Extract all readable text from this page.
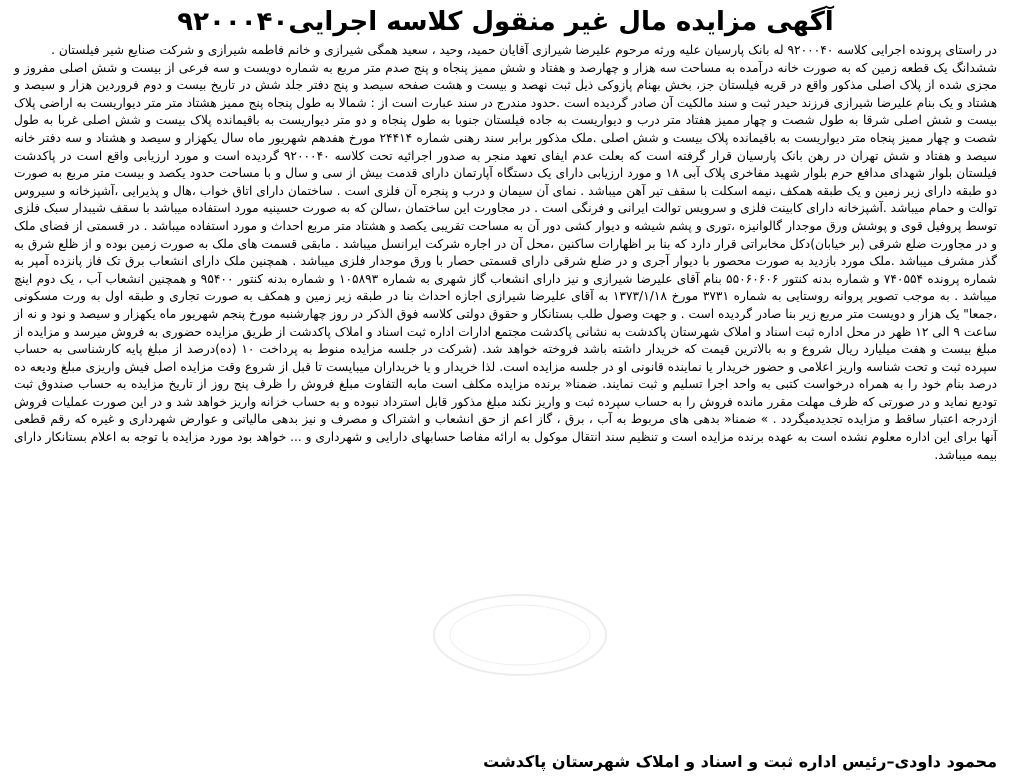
آگهی مزایده مال غیر منقول کلاسه اجرایی۹۲۰۰۰۴۰

در راستای پرونده اجرایی کلاسه ۹۲۰۰۰۴۰ له بانک پارسیان علیه ورثه مرحوم علیرضا شیرازی آقایان حمید، وحید ، سعید همگی شیرازی و خانم فاطمه شیرازی و شرکت صنایع شیر فیلستان .

ششدانگ یک قطعه زمین که به صورت خانه درآمده به مساحت سه هزار و چهارصد و هفتاد و شش ممیز پنجاه و پنج صدم متر مربع به شماره دویست و سه فرعی از بیست و شش اصلی مفروز و مجزی شده از پلاک اصلی مذکور واقع در قریه فیلستان جز، بخش بهنام پازوکی ذیل ثبت نهصد و بیست و هشت صفحه سیصد و پنج دفتر جلد شش در تاریخ بیست و دوم فروردین هزار و سیصد و هشتاد و یک بنام علیرضا شیرازی فرزند حیدر ثبت و سند مالکیت آن صادر گردیده است .حدود مندرج در سند عبارت است از : شمالا به طول پنجاه پنج ممیز هشتاد متر متر دیواریست به اراضی پلاک بیست و شش اصلی شرقا به طول شصت و چهار ممیز هفتاد متر درب و دیواریست به جاده فیلستان جنوبا به طول پنجاه و دو متر دیواریست به باقیمانده پلاک بیست و شش اصلی غربا به طول شصت و چهار ممیز پنجاه متر دیواریست به باقیمانده پلاک بیست و شش اصلی .ملک مذکور برابر سند رهنی شماره ۲۴۴۱۴ مورخ هفدهم شهریور ماه سال یکهزار و سیصد و هشتاد و سه دفتر خانه سیصد و هفتاد و شش تهران در رهن بانک پارسیان قرار گرفته است که بعلت عدم ایفای تعهد منجر به صدور اجرائیه تحت کلاسه ۹۲۰۰۰۴۰ گردیده است و مورد ارزیابی واقع است در پاکدشت فیلستان بلوار شهدای مدافع حرم بلوار شهید مفاخری پلاک آبی ۱۸ و مورد ارزیابی دارای یک دستگاه آپارتمان دارای قدمت بیش از سی و سال و با مساحت حدود یکصد و بیست متر مربع به صورت دو طبقه دارای زیر زمین و یک طبقه همکف ،نیمه اسکلت با سقف تیر آهن میباشد . نمای آن سیمان و درب و پنجره آن فلزی است . ساختمان دارای اتاق خواب ،هال و پذیرایی ،آشپزخانه و سیروس توالت و حمام میباشد .آشپزخانه دارای کابینت فلزی و سرویس توالت ایرانی و فرنگی است . در مجاورت این ساختمان ،سالن که به صورت حسینیه مورد استفاده میباشد با سقف شیبدار سبک فلزی توسط پروفیل قوی و پوشش ورق موجدار گالوانیزه ،توری و پشم شیشه و دیوار کشی دور آن به مساحت تقریبی یکصد و هشتاد متر مربع احداث و مورد استفاده میباشد . در قسمتی از فضای ملک و در مجاورت ضلع شرقی (بر خیابان)دکل مخابراتی قرار دارد که بنا بر اظهارات ساکنین ،محل آن در اجاره شرکت ایرانسل میباشد . مابقی قسمت های ملک به صورت زمین بوده و از ظلع شرق به گذر مشرف میباشد .ملک مورد بازدید به صورت محصور با دیوار آجری و در ضلع شرقی دارای قسمتی حصار با ورق موجدار فلزی میباشد . همچنین ملک دارای انشعاب برق تک فاز پانزده آمپر به شماره پرونده ۷۴۰۵۵۴ و شماره بدنه کنتور ۵۵۰۶۰۶۰۶ بنام آقای علیرضا شیرازی و نیز دارای انشعاب گاز شهری به شماره ۱۰۵۸۹۳ و شماره بدنه کنتور ۹۵۴۰۰ و همچنین انشعاب آب ، یک دوم اینچ میباشد . به موجب تصویر پروانه روستایی به شماره ۳۷۳۱ مورخ ۱۳۷۳/۱/۱۸ به آقای علیرضا شیرازی اجازه احداث بنا در طبقه زیر زمین و همکف به صورت تجاری و طبقه اول به ورت مسکونی ،جمعا" یک هزار و دویست متر مربع زیر بنا صادر گردیده است . و جهت وصول طلب بستانکار و حقوق دولتی کلاسه فوق الذکر در روز چهارشنبه مورخ پنجم شهریور ماه یکهزار و سیصد و نود و نه از ساعت ۹ الی ۱۲ ظهر در محل اداره ثبت اسناد و املاک شهرستان پاکدشت به نشانی پاکدشت مجتمع ادارات اداره ثبت اسناد و املاک پاکدشت از طریق مزایده حضوری به فروش میرسد و مزایده از مبلغ بیست و هفت میلیارد ریال شروع و به بالاترین قیمت که خریدار داشته باشد فروخته خواهد شد. (شرکت در جلسه مزایده منوط به پرداخت ۱۰ (ده)درصد از مبلغ پایه کارشناسی به حساب سپرده ثبت و تحت شناسه واریز اعلامی و حضور خریدار یا نماینده قانونی او در جلسه مزایده است. لذا خریدار و یا خریداران میبایست تا قبل از شروع وقت مزایده اصل فیش واریزی مبلغ ودیعه ده درصد بنام خود را به همراه درخواست کتبی به واحد اجرا تسلیم و ثبت نمایند. ضمنا« برنده مزایده مکلف است مابه التفاوت مبلغ فروش را ظرف پنج روز از تاریخ مزایده به حساب صندوق ثبت تودیع نماید و در صورتی که ظرف مهلت مقرر مانده فروش را به حساب سپرده ثبت و واریز نکند مبلغ مذکور قابل استرداد نبوده و به حساب خزانه واریز خواهد شد و در این صورت عملیات فروش ازدرجه اعتبار ساقط و مزایده تجدیدمیگردد . » ضمنا« بدهی های مربوط به آب ، برق ، گاز اعم از حق انشعاب و اشتراک و مصرف و نیز بدهی مالیاتی و عوارض شهرداری و غیره که رقم قطعی آنها برای این اداره معلوم نشده است به عهده برنده مزایده است و تنظیم سند انتقال موکول به ارائه مفاصا حسابهای دارایی و شهرداری و ... خواهد بود مورد مزایده با توجه به اعلام بستانکار دارای بیمه میباشد.

محمود داودی–رئیس اداره ثبت و اسناد و املاک شهرستان پاکدشت
